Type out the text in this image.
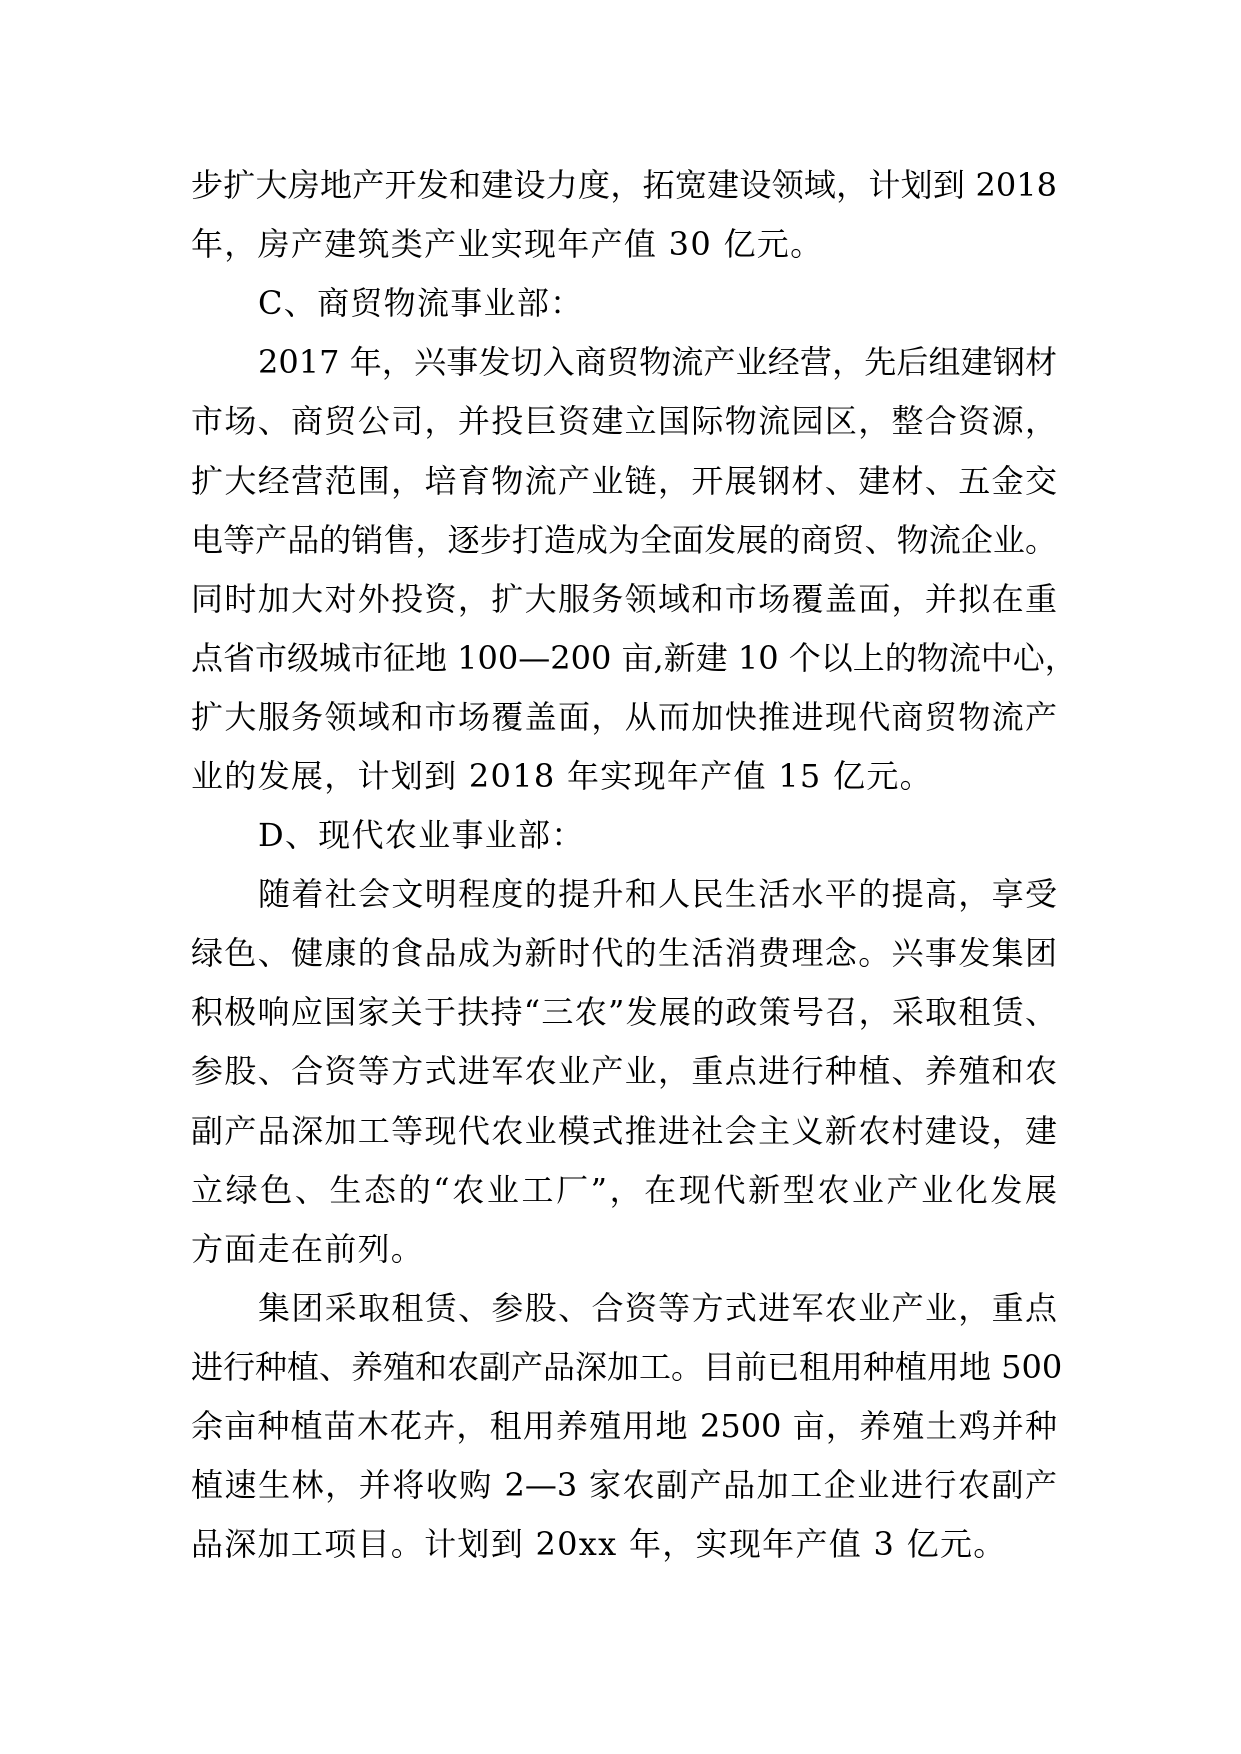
步扩大房地产开发和建设力度，拓宽建设领域，计划到 2018
年，房产建筑类产业实现年产值 30 亿元。
C、商贸物流事业部：
2017 年，兴事发切入商贸物流产业经营，先后组建钢材
市场、商贸公司，并投巨资建立国际物流园区，整合资源，
扩大经营范围，培育物流产业链，开展钢材、建材、五金交
电等产品的销售，逐步打造成为全面发展的商贸、物流企业。
同时加大对外投资，扩大服务领域和市场覆盖面，并拟在重
点省市级城市征地 100—200 亩,新建 10 个以上的物流中心，
扩大服务领域和市场覆盖面，从而加快推进现代商贸物流产
业的发展，计划到 2018 年实现年产值 15 亿元。
D、现代农业事业部：
随着社会文明程度的提升和人民生活水平的提高，享受
绿色、健康的食品成为新时代的生活消费理念。兴事发集团
积极响应国家关于扶持“三农”发展的政策号召，采取租赁、
参股、合资等方式进军农业产业，重点进行种植、养殖和农
副产品深加工等现代农业模式推进社会主义新农村建设，建
立绿色、生态的“农业工厂”，在现代新型农业产业化发展
方面走在前列。
集团采取租赁、参股、合资等方式进军农业产业，重点
进行种植、养殖和农副产品深加工。目前已租用种植用地 500
余亩种植苗木花卉，租用养殖用地 2500 亩，养殖土鸡并种
植速生林，并将收购 2—3 家农副产品加工企业进行农副产
品深加工项目。计划到 20xx 年，实现年产值 3 亿元。
